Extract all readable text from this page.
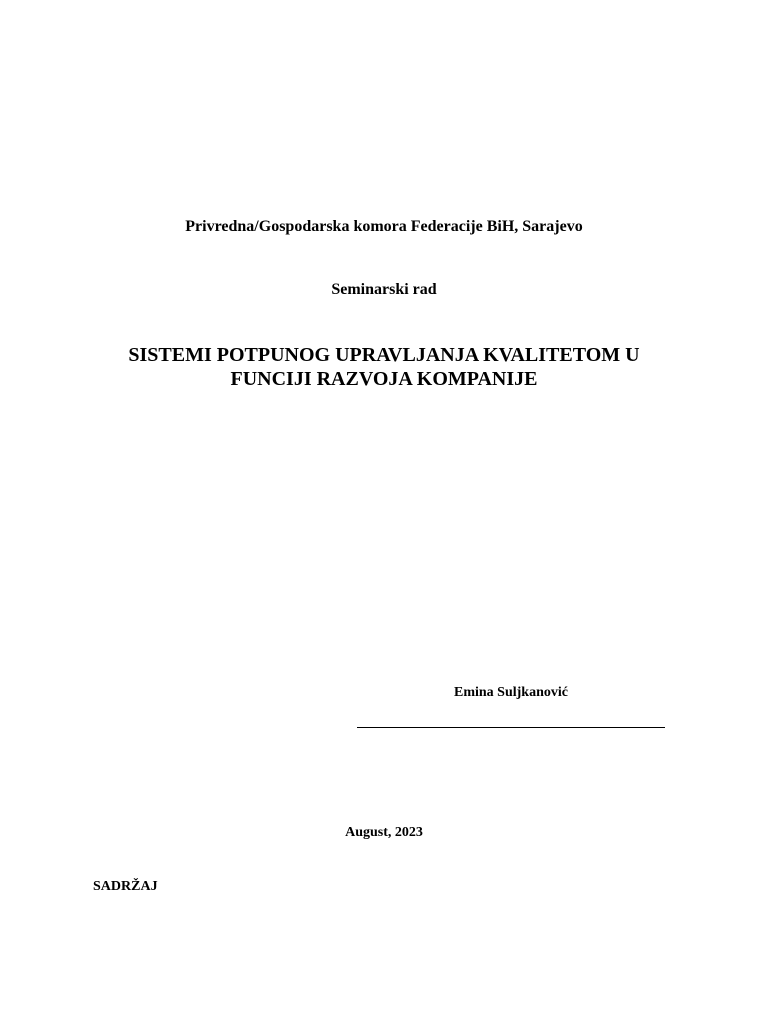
Privredna/Gospodarska komora Federacije BiH, Sarajevo
Seminarski rad
SISTEMI POTPUNOG UPRAVLJANJA KVALITETOM U
FUNCIJI RAZVOJA KOMPANIJE
Emina Suljkanović
August, 2023
SADRŽAJ
